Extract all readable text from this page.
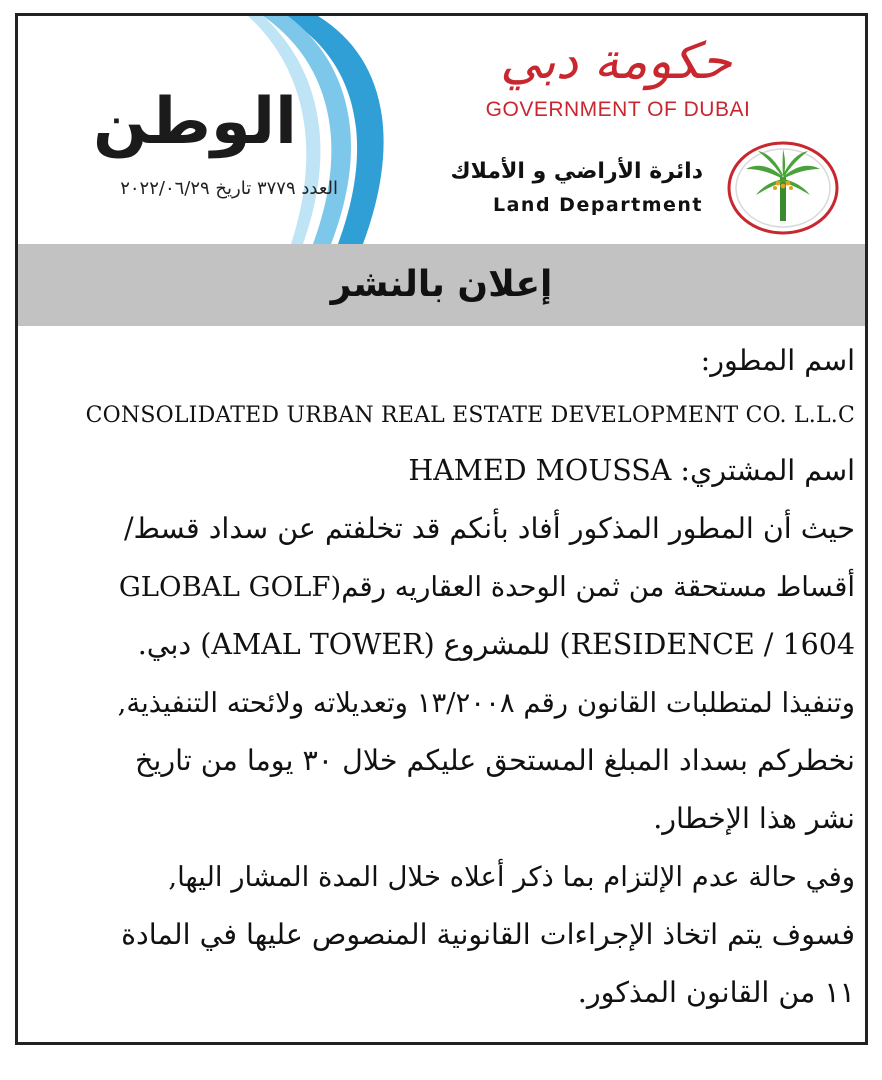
الوطن
العدد ٣٧٧٩ تاريخ ٢٠٢٢/٠٦/٢٩
حكومة دبي
GOVERNMENT OF DUBAI
دائرة الأراضي و الأملاك
Land Department
إعلان بالنشر
اسم المطور:
CONSOLIDATED URBAN REAL ESTATE DEVELOPMENT CO. L.L.C
اسم المشتري: HAMED MOUSSA
حيث أن المطور المذكور أفاد بأنكم قد تخلفتم عن سداد قسط/
أقساط مستحقة من ثمن الوحدة العقاريه رقم(GLOBAL GOLF
RESIDENCE / 1604) للمشروع (AMAL TOWER) دبي.
وتنفيذا لمتطلبات القانون رقم ١٣/٢٠٠٨ وتعديلاته ولائحته التنفيذية,
نخطركم بسداد المبلغ المستحق عليكم خلال ٣٠ يوما من تاريخ
نشر هذا الإخطار.
وفي حالة عدم الإلتزام بما ذكر أعلاه خلال المدة المشار اليها,
فسوف يتم اتخاذ الإجراءات القانونية المنصوص عليها في المادة
١١ من القانون المذكور.
